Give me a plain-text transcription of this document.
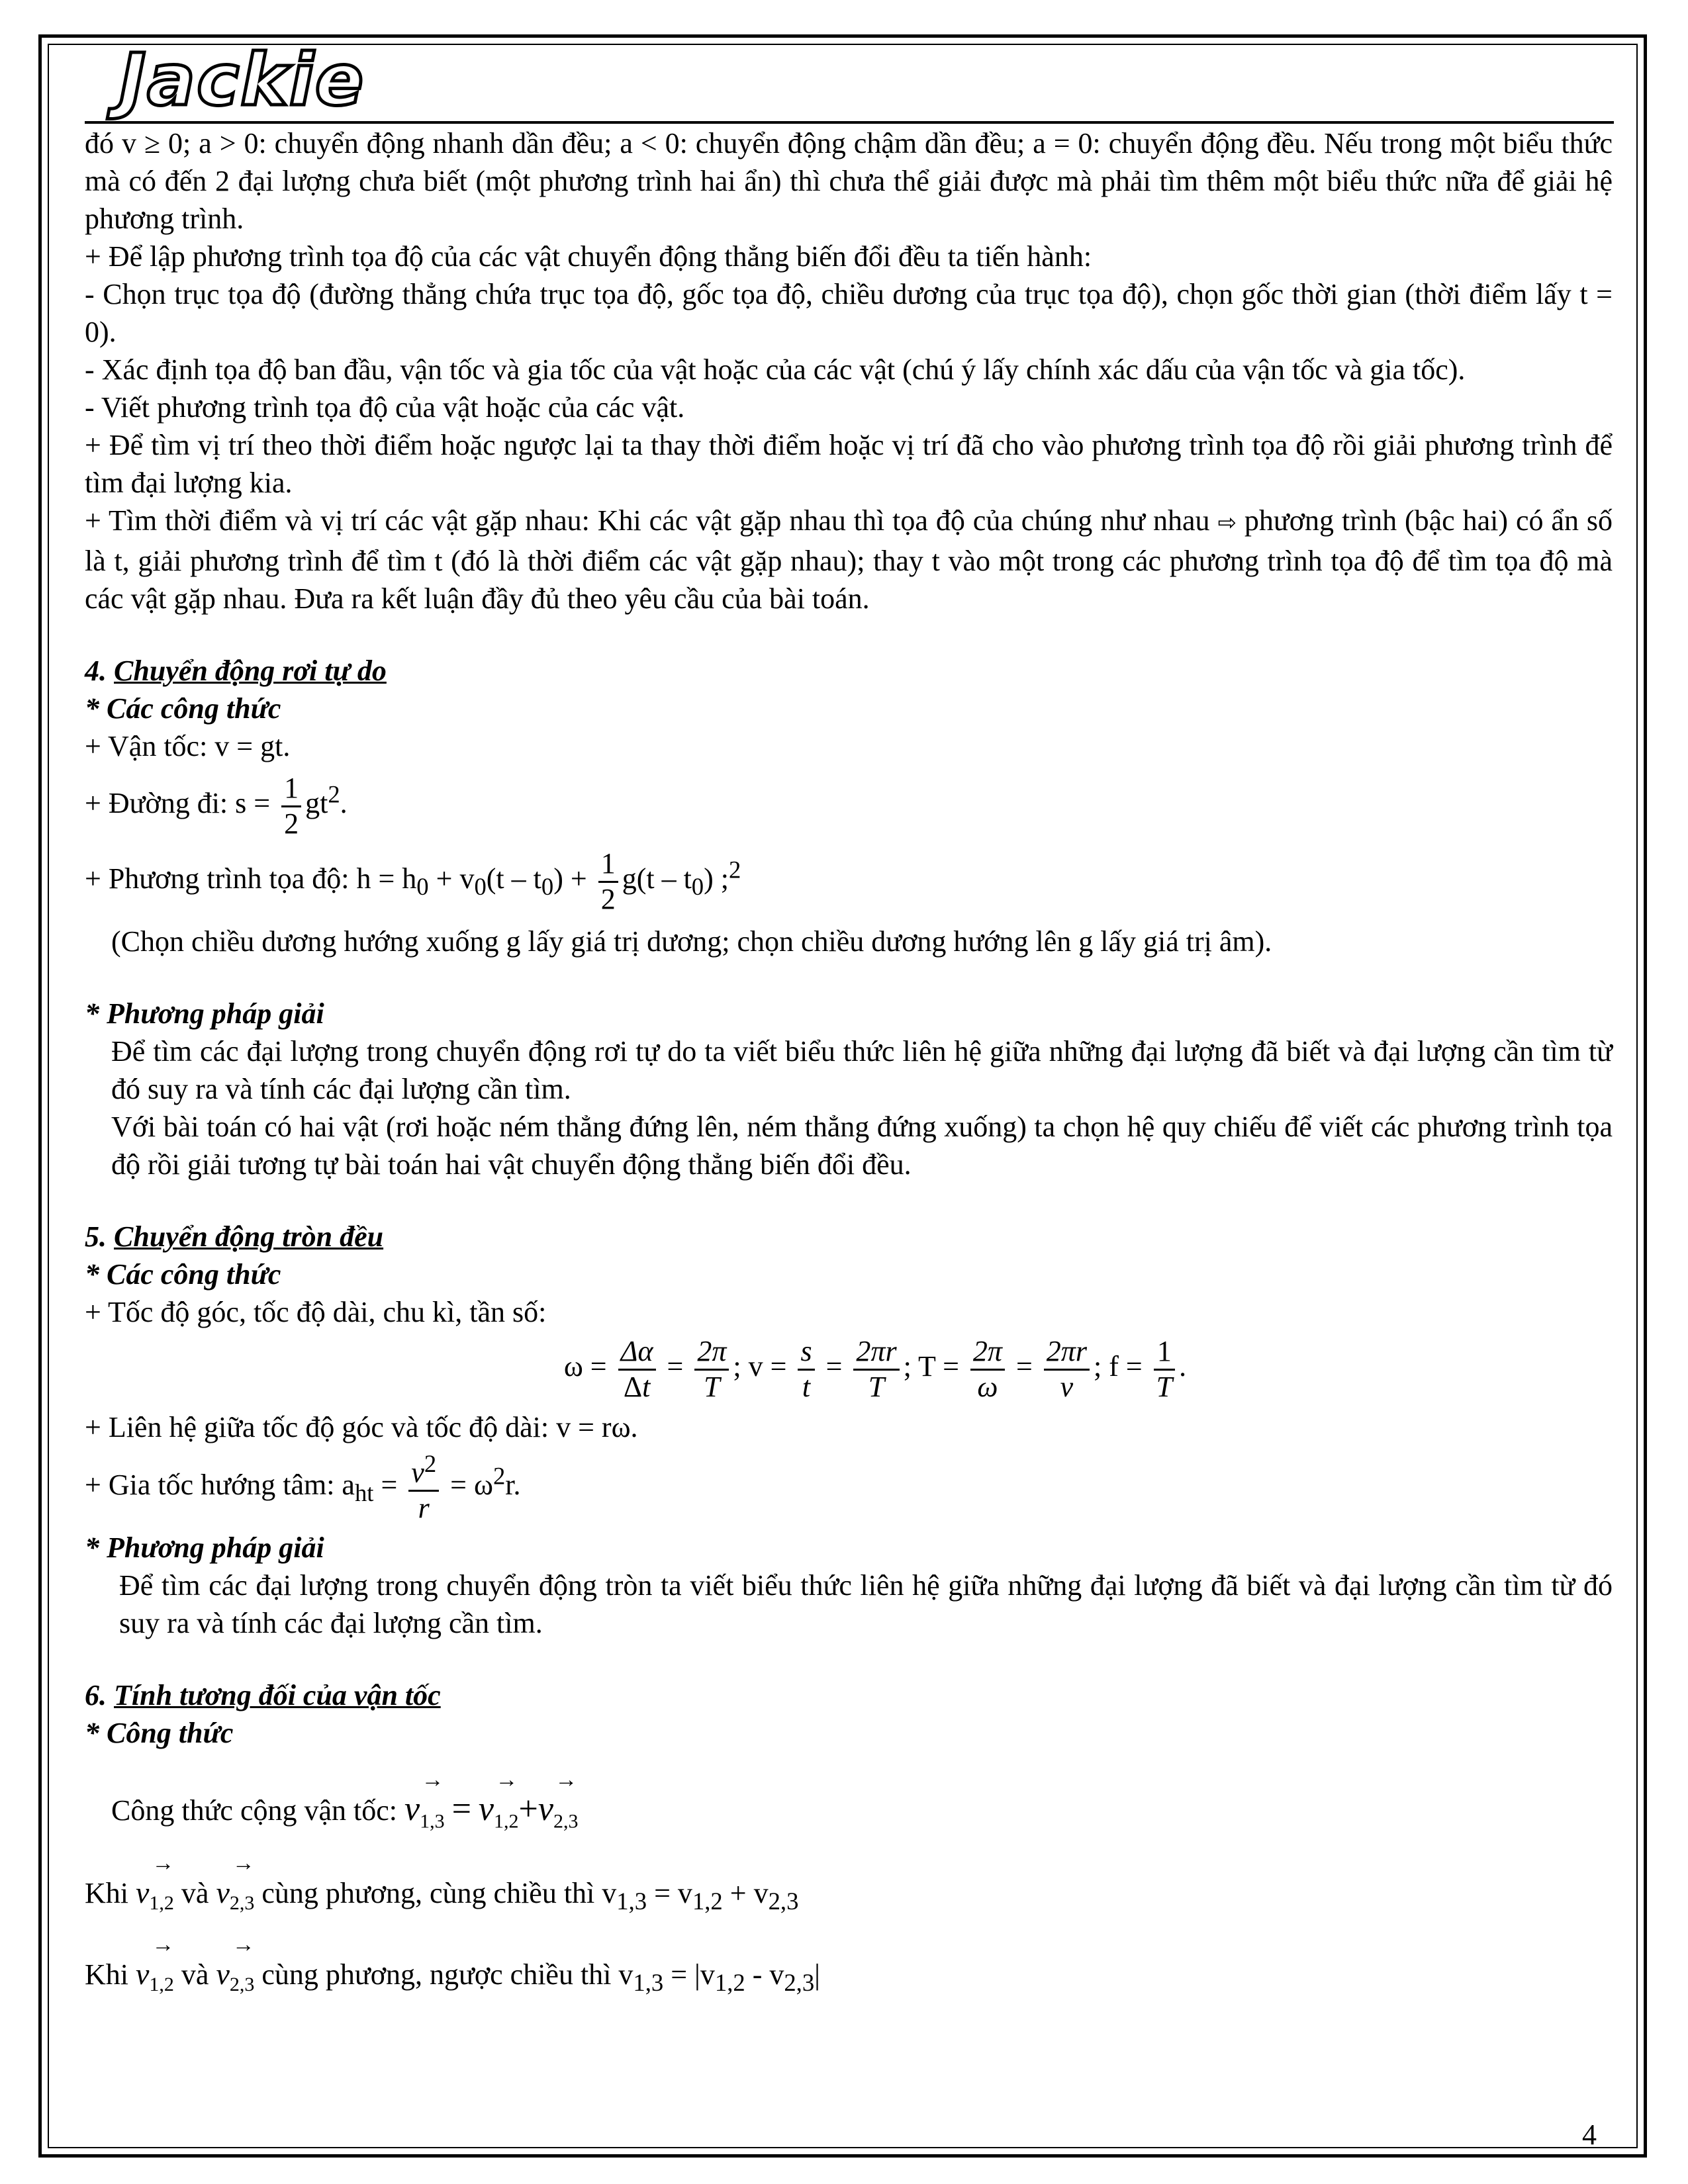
Jackie

đó v ≥ 0; a > 0: chuyển động nhanh dần đều; a < 0: chuyển động chậm dần đều; a = 0: chuyển động đều. Nếu trong một biểu thức mà có đến 2 đại lượng chưa biết (một phương trình hai ẩn) thì chưa thể giải được mà phải tìm thêm một biểu thức nữa để giải hệ phương trình.

+ Để lập phương trình tọa độ của các vật chuyển động thẳng biến đổi đều ta tiến hành:

- Chọn trục tọa độ (đường thẳng chứa trục tọa độ, gốc tọa độ, chiều dương của trục tọa độ), chọn gốc thời gian (thời điểm lấy t = 0).

- Xác định tọa độ ban đầu, vận tốc và gia tốc của vật hoặc của các vật (chú ý lấy chính xác dấu của vận tốc và gia tốc).

- Viết phương trình tọa độ của vật hoặc của các vật.

+ Để tìm vị trí theo thời điểm hoặc ngược lại ta thay thời điểm hoặc vị trí đã cho vào phương trình tọa độ rồi giải phương trình để tìm đại lượng kia.

+ Tìm thời điểm và vị trí các vật gặp nhau: Khi các vật gặp nhau thì tọa độ của chúng như nhau ⇨ phương trình (bậc hai) có ẩn số là t, giải phương trình để tìm t (đó là thời điểm các vật gặp nhau); thay t vào một trong các phương trình tọa độ để tìm tọa độ mà các vật gặp nhau. Đưa ra kết luận đầy đủ theo yêu cầu của bài toán.

4. Chuyển động rơi tự do

* Các công thức

+ Vận tốc: v = gt.

+ Đường đi: $s = \frac{1}{2} gt^2$.

+ Phương trình tọa độ: $h = h_0 + v_0(t - t_0) + \frac{1}{2} g(t - t_0)$ ;$^2$

(Chọn chiều dương hướng xuống g lấy giá trị dương; chọn chiều dương hướng lên g lấy giá trị âm).

* Phương pháp giải

Để tìm các đại lượng trong chuyển động rơi tự do ta viết biểu thức liên hệ giữa những đại lượng đã biết và đại lượng cần tìm từ đó suy ra và tính các đại lượng cần tìm.

Với bài toán có hai vật (rơi hoặc ném thẳng đứng lên, ném thẳng đứng xuống) ta chọn hệ quy chiếu để viết các phương trình tọa độ rồi giải tương tự bài toán hai vật chuyển động thẳng biến đổi đều.

5. Chuyển động tròn đều

* Các công thức

+ Tốc độ góc, tốc độ dài, chu kì, tần số:

$\omega = \frac{\Delta\alpha}{\Delta t} = \frac{2\pi}{T}$ ; $v = \frac{s}{t} = \frac{2\pi r}{T}$ ; $T = \frac{2\pi}{\omega} = \frac{2\pi r}{v}$ ; $f = \frac{1}{T}$ .

+ Liên hệ giữa tốc độ góc và tốc độ dài: v = rω.

+ Gia tốc hướng tâm: $a_{ht} = \frac{v^2}{r} = \omega^2r$.

* Phương pháp giải

Để tìm các đại lượng trong chuyển động tròn ta viết biểu thức liên hệ giữa những đại lượng đã biết và đại lượng cần tìm từ đó suy ra và tính các đại lượng cần tìm.

6. Tính tương đối của vận tốc

* Công thức

Công thức cộng vận tốc: → $v_{1,3}$ = → $v_{1,2}+\to v_{2,3}$

Khi → $v_{1,2}$ và → $v_{2,3}$ cùng phương, cùng chiều thì $v_{1,3} = v_{1,2} + v_{2,3}$

Khi → $v_{1,2}$ và → $v_{2,3}$ cùng phương, ngược chiều thì $v_{1,3} = |v_{1,2} - v_{2,3}|$

4
